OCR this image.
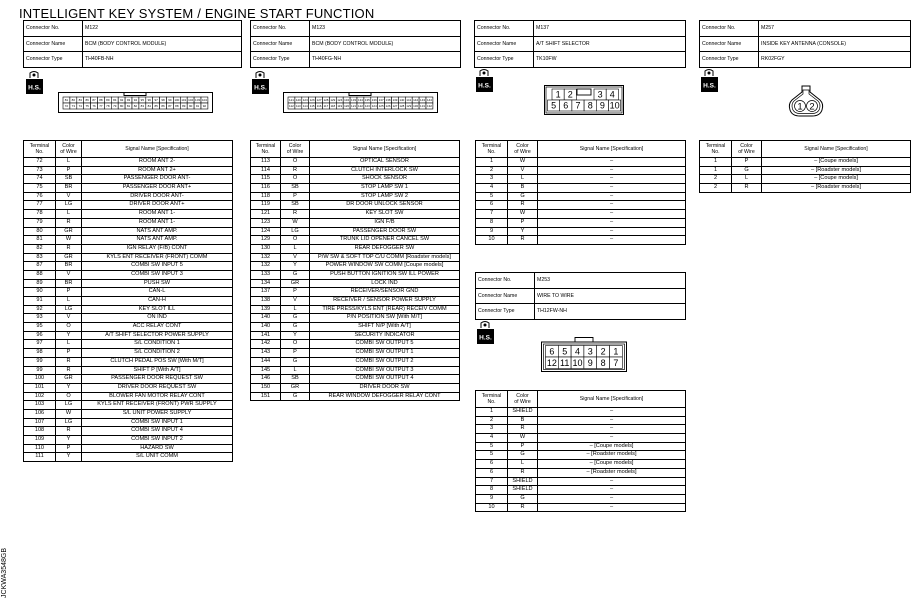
INTELLIGENT KEY SYSTEM / ENGINE START FUNCTION
Connector No.	M122
Connector Name	BCM (BODY CONTROL MODULE)
Connector Type	TH40FB-NH
H.S.
81
72
80
73
83
74
86
75
87
76
88
77
89
78
84
79
92
80
93
81
94
82
95
83
96
84
97
85
98
86
99
87
100
88
101
89
102
90
103
91
104
92
Terminal
No.	Color
of Wire	Signal Name [Specification]
72	L	ROOM ANT 2-
73	P	ROOM ANT 2+
74	SB	PASSENGER DOOR ANT-
75	BR	PASSENGER DOOR ANT+
76	V	DRIVER DOOR ANT-
77	LG	DRIVER DOOR ANT+
78	L	ROOM ANT 1-
79	R	ROOM ANT 1-
80	GR	NATS ANT AMP.
81	W	NATS ANT AMP.
82	R	IGN RELAY (F/B) CONT
83	GR	KYLS ENT RECEIVER (FRONT) COMM
87	BR	COMBI SW INPUT 5
88	V	COMBI SW INPUT 3
89	BR	PUSH SW
90	P	CAN-L
91	L	CAN-H
92	LG	KEY SLOT ILL
93	V	ON IND
95	O	ACC RELAY CONT
96	Y	A/T SHIFT SELECTOR POWER SUPPLY
97	L	S/L CONDITION 1
98	P	S/L CONDITION 2
99	R	CLUTCH PEDAL POS SW [With M/T]
99	R	SHIFT P [With A/T]
100	GR	PASSENGER DOOR REQUEST SW
101	Y	DRIVER DOOR REQUEST SW
102	O	BLOWER FAN MOTOR RELAY CONT
103	LG	KYLS ENT RECEIVER (FRONT) PWR SUPPLY
106	W	S/L UNIT POWER SUPPLY
107	LG	COMBI SW INPUT 1
108	R	COMBI SW INPUT 4
109	Y	COMBI SW INPUT 2
110	P	HAZARD SW
111	Y	S/L UNIT COMM
Connector No.	M123
Connector Name	BCM (BODY CONTROL MODULE)
Connector Type	TH40FG-NH
H.S.
121
112
120
113
123
114
126
115
127
116
128
117
129
118
124
119
132
120
133
121
134
122
135
123
136
124
137
125
138
126
139
127
140
128
141
129
142
130
143
131
144
132
Terminal
No.	Color
of Wire	Signal Name [Specification]
113	O	OPTICAL SENSOR
114	R	CLUTCH INTERLOCK SW
115	O	SHOCK SENSOR
116	SB	STOP LAMP SW 1
118	P	STOP LAMP SW 2
119	SB	DR DOOR UNLOCK SENSOR
121	R	KEY SLOT SW
123	W	IGN F/B
124	LG	PASSENGER DOOR SW
129	O	TRUNK LID OPENER CANCEL SW
130	L	REAR DEFOGGER SW
132	V	P/W SW & SOFT TOP C/U COMM [Roadster models]
132	Y	POWER WINDOW SW COMM [Coupe models]
133	G	PUSH BUTTON IGNITION SW ILL POWER
134	GR	LOCK IND
137	P	RECEIVER/SENSOR GND
138	V	RECEIVER / SENSOR POWER SUPPLY
139	L	TIRE PRESS/KYLS ENT (REAR) RECEIV COMM
140	G	P/N POSITION SW [With M/T]
140	G	SHIFT N/P [With A/T]
141	Y	SECURITY INDICATOR
142	O	COMBI SW OUTPUT 5
143	P	COMBI SW OUTPUT 1
144	G	COMBI SW OUTPUT 2
145	L	COMBI SW OUTPUT 3
146	SB	COMBI SW OUTPUT 4
150	GR	DRIVER DOOR SW
151	G	REAR WINDOW DEFOGGER RELAY CONT
Connector No.	M137
Connector Name	A/T SHIFT SELECTOR
Connector Type	TK10FW
H.S.
1 2	3 4
5 6 7 8 9 10
Terminal
No.	Color
of Wire	Signal Name [Specification]
1	W	–
2	V	–
3	L	–
4	B	–
5	G	–
6	R	–
7	W	–
8	P	–
9	Y	–
10	R	–
Connector No.	M253
Connector Name	WIRE TO WIRE
Connector Type	TH12FW-NH
H.S.
6 5 4 3 2 1
12 11 10 9 8 7
Terminal
No.	Color
of Wire	Signal Name [Specification]
1	SHIELD	–
2	B	–
3	R	–
4	W	–
5	P	– [Coupe models]
5	G	– [Roadster models]
6	L	– [Coupe models]
6	R	– [Roadster models]
7	SHIELD	–
8	SHIELD	–
9	G	–
10	R	–
Connector No.	M257
Connector Name	INSIDE KEY ANTENNA (CONSOLE)
Connector Type	RK02FGY
H.S.
1 2
Terminal
No.	Color
of Wire	Signal Name [Specification]
1	P	– [Coupe models]
1	G	– [Roadster models]
2	L	– [Coupe models]
2	R	– [Roadster models]
JCKWA3548GB
